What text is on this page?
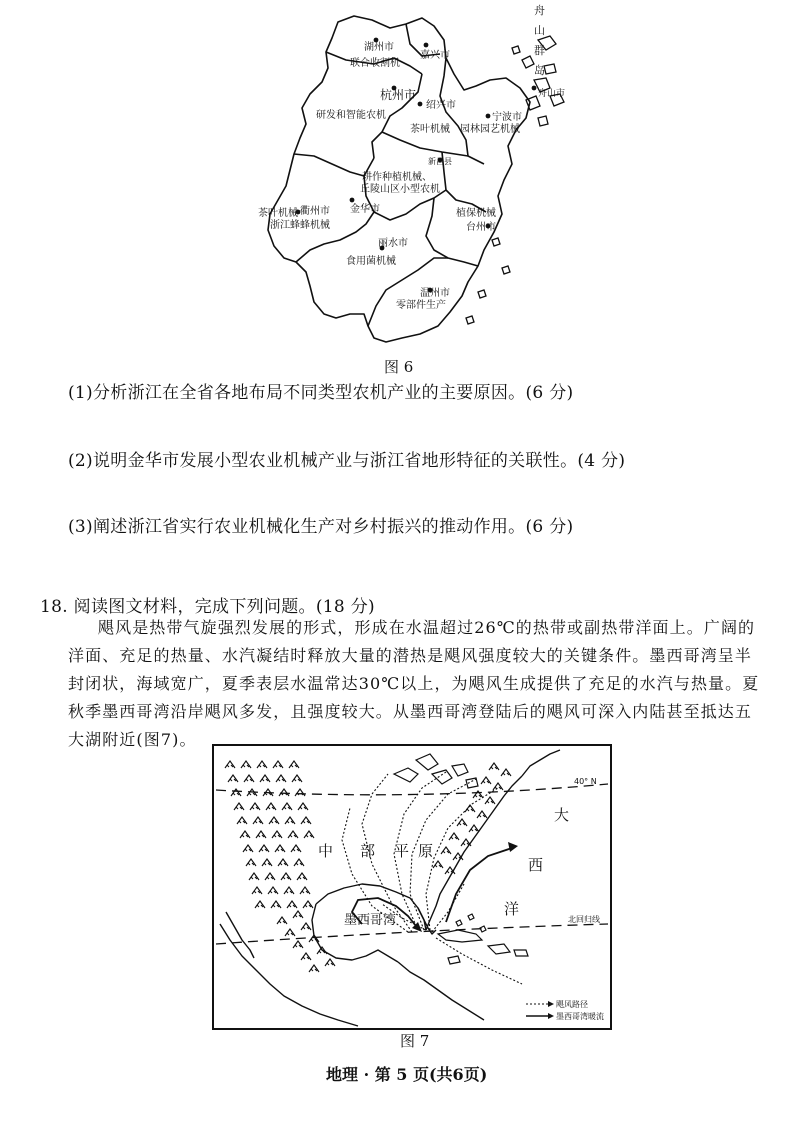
湖州市
联合收割机
嘉兴市
杭州市
研发和智能农机
绍兴市
茶叶机械
宁波市
园林园艺机械
舟山市
新昌县
耕作种植机械、
丘陵山区小型农机
金华市
茶叶机械 衢州市
浙江蜂蜂机械
植保机械
台州市
丽水市
食用菌机械
温州市
零部件生产
舟山群岛
图 6
(1)分析浙江在全省各地布局不同类型农机产业的主要原因。(6 分)
(2)说明金华市发展小型农业机械产业与浙江省地形特征的关联性。(4 分)
(3)阐述浙江省实行农业机械化生产对乡村振兴的推动作用。(6 分)
18. 阅读图文材料，完成下列问题。(18 分)
飓风是热带气旋强烈发展的形式，形成在水温超过26℃的热带或副热带洋面上。广阔的
洋面、充足的热量、水汽凝结时释放大量的潜热是飓风强度较大的关键条件。墨西哥湾呈半
封闭状，海域宽广，夏季表层水温常达30℃以上，为飓风生成提供了充足的水汽与热量。夏
秋季墨西哥湾沿岸飓风多发，且强度较大。从墨西哥湾登陆后的飓风可深入内陆甚至抵达五
大湖附近(图7)。
飓风路径
墨西哥湾暖流
40° N
北回归线
中 部 平 原
大
西
洋
墨西哥湾
图 7
地理 · 第 5 页(共6页)
